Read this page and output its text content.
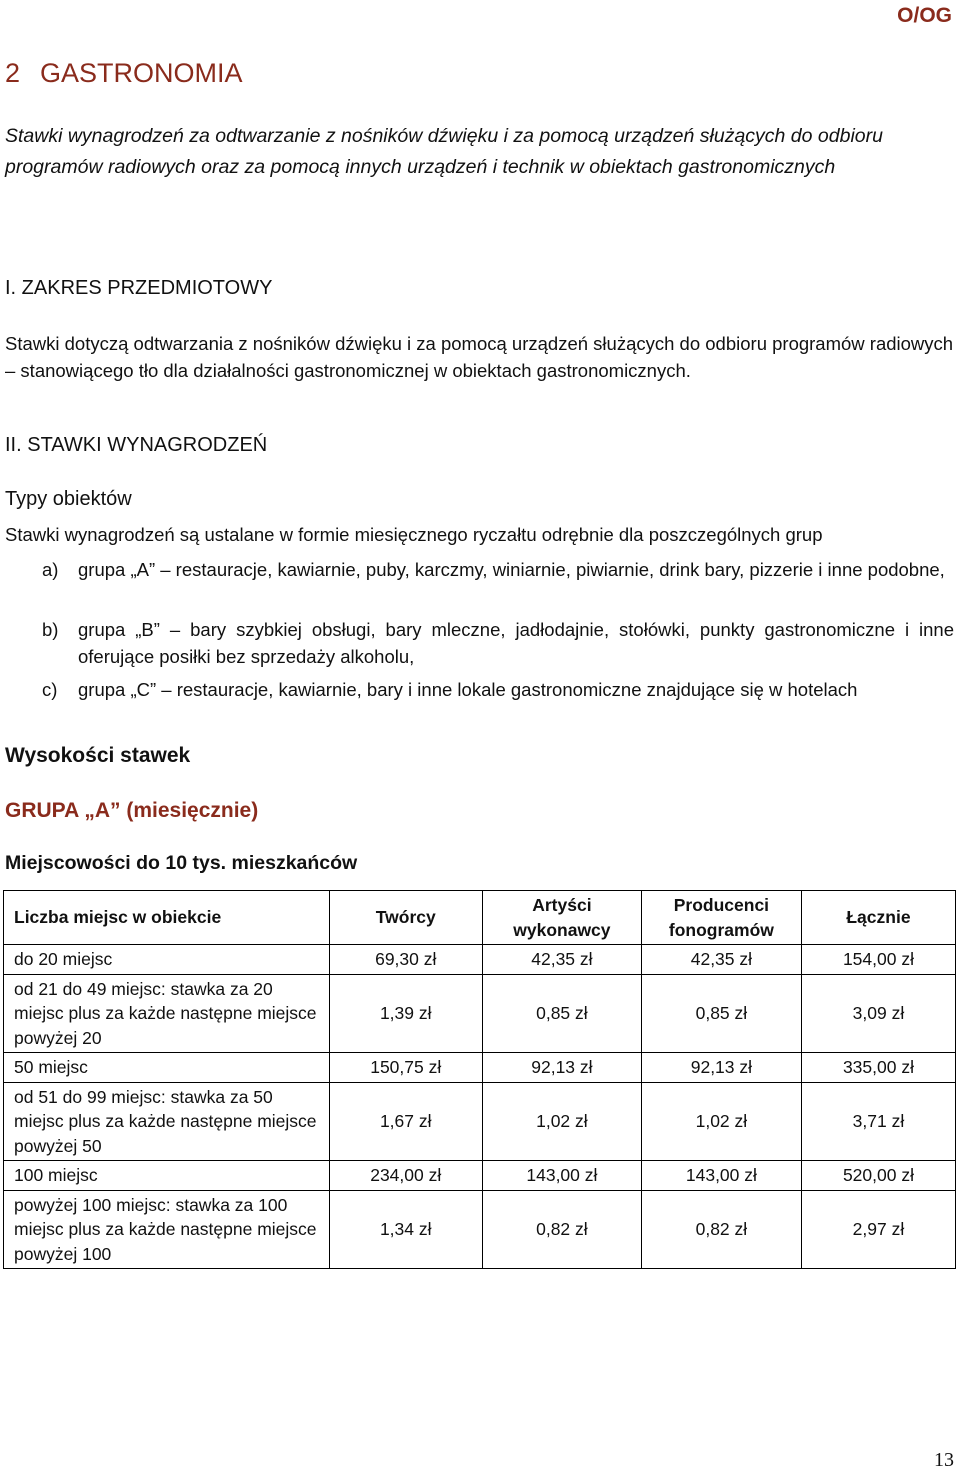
O/OG
2 GASTRONOMIA
Stawki wynagrodzeń za odtwarzanie z nośników dźwięku i za pomocą urządzeń służących do odbioru programów radiowych oraz za pomocą innych urządzeń i technik w obiektach gastronomicznych
I. ZAKRES PRZEDMIOTOWY
Stawki dotyczą odtwarzania z nośników dźwięku i za pomocą urządzeń służących do odbioru programów radiowych – stanowiącego tło dla działalności gastronomicznej w obiektach gastronomicznych.
II. STAWKI WYNAGRODZEŃ
Typy obiektów
Stawki wynagrodzeń są ustalane w formie miesięcznego ryczałtu odrębnie dla poszczególnych grup
a)	grupa „A” – restauracje, kawiarnie, puby, karczmy, winiarnie, piwiarnie, drink bary, pizzerie i inne podobne,
b)	grupa „B” – bary szybkiej obsługi, bary mleczne, jadłodajnie, stołówki, punkty gastronomiczne i inne oferujące posiłki bez sprzedaży alkoholu,
c)	grupa „C” – restauracje, kawiarnie, bary i inne lokale gastronomiczne znajdujące się w hotelach
Wysokości stawek
GRUPA „A” (miesięcznie)
Miejscowości do 10 tys. mieszkańców
Liczba miejsc w obiekcie	Twórcy	Artyści wykonawcy	Producenci fonogramów	Łącznie
do 20 miejsc	69,30 zł	42,35 zł	42,35 zł	154,00 zł
od 21 do 49 miejsc: stawka za 20 miejsc plus za każde następne miejsce powyżej 20	1,39 zł	0,85 zł	0,85 zł	3,09 zł
50 miejsc	150,75 zł	92,13 zł	92,13 zł	335,00 zł
od 51 do 99 miejsc: stawka za 50 miejsc plus za każde następne miejsce powyżej 50	1,67 zł	1,02 zł	1,02 zł	3,71 zł
100 miejsc	234,00 zł	143,00 zł	143,00 zł	520,00 zł
powyżej 100 miejsc: stawka za 100 miejsc plus za każde następne miejsce powyżej 100	1,34 zł	0,82 zł	0,82 zł	2,97 zł
13
